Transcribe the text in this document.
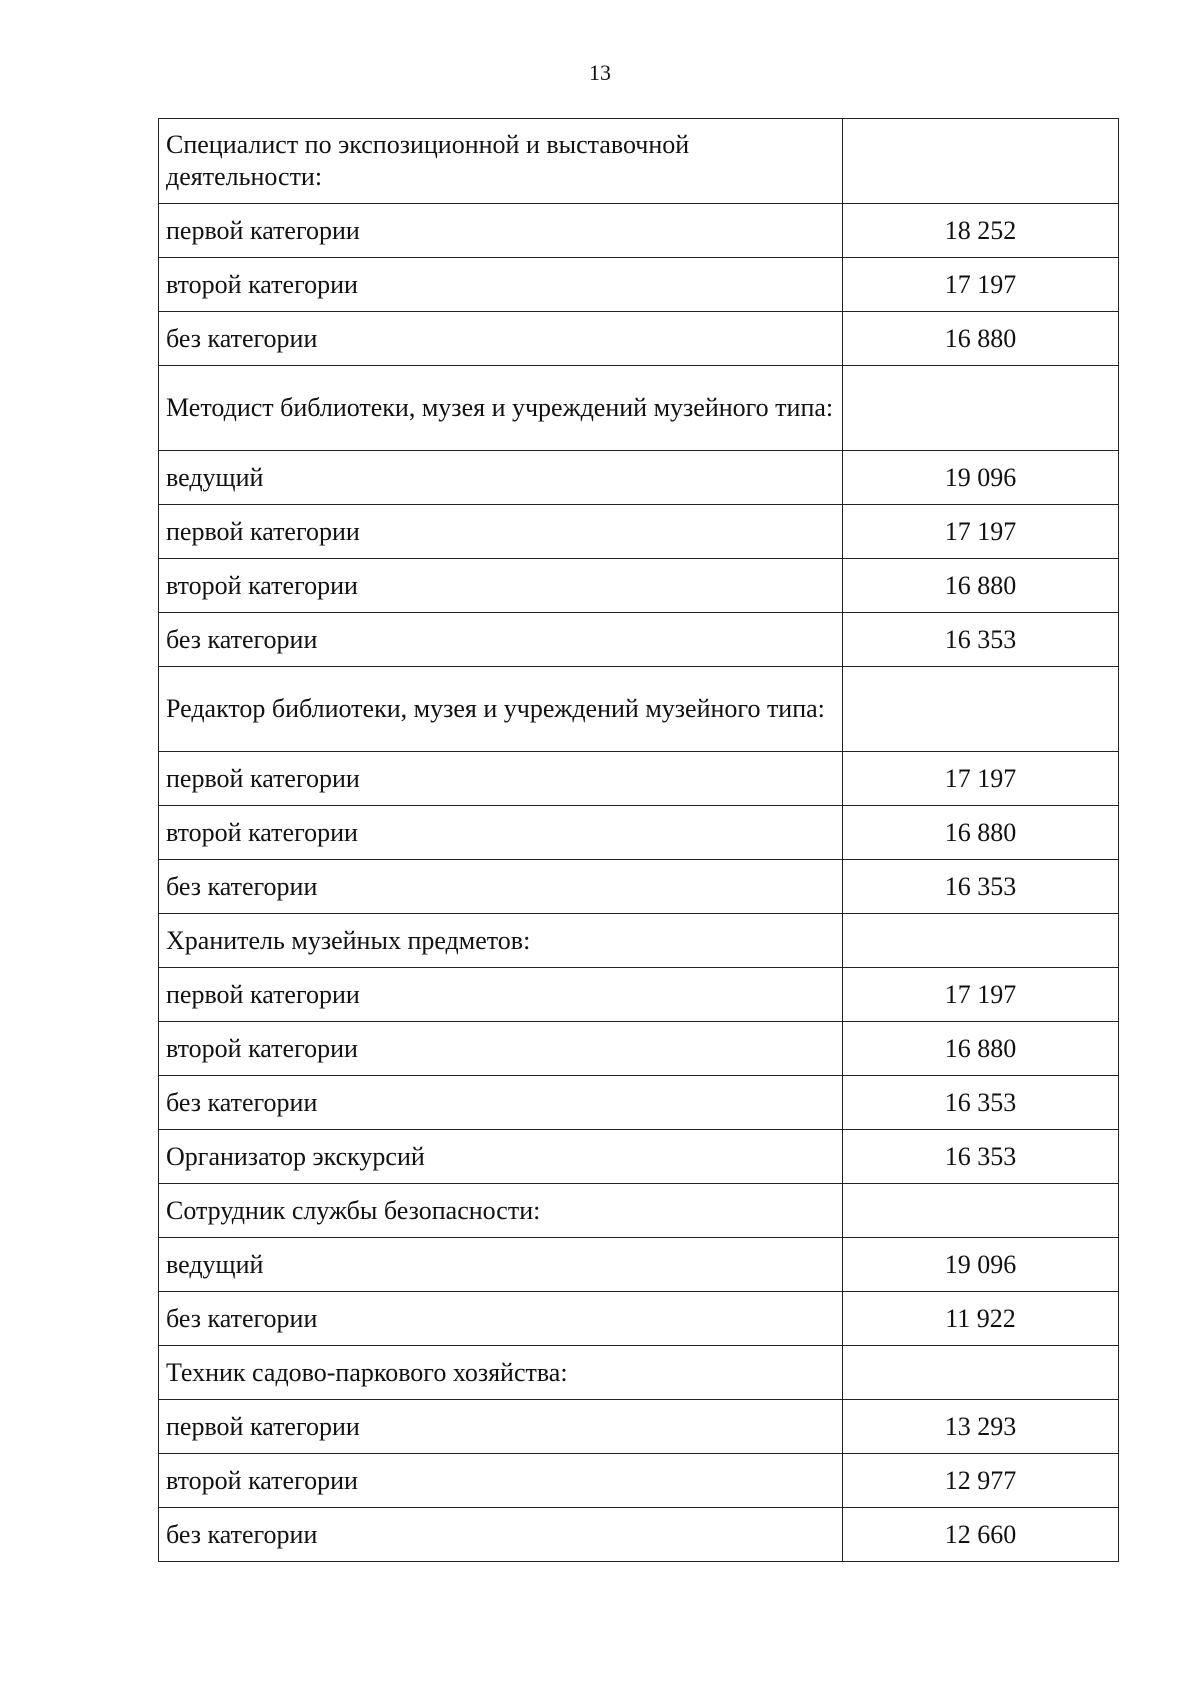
13
Специалист по экспозиционной и выставочной деятельности:	
первой категории	18 252
второй категории	17 197
без категории	16 880
Методист библиотеки, музея и учреждений музейного типа:	
ведущий	19 096
первой категории	17 197
второй категории	16 880
без категории	16 353
Редактор библиотеки, музея и учреждений музейного типа:	
первой категории	17 197
второй категории	16 880
без категории	16 353
Хранитель музейных предметов:	
первой категории	17 197
второй категории	16 880
без категории	16 353
Организатор экскурсий	16 353
Сотрудник службы безопасности:	
ведущий	19 096
без категории	11 922
Техник садово-паркового хозяйства:	
первой категории	13 293
второй категории	12 977
без категории	12 660
